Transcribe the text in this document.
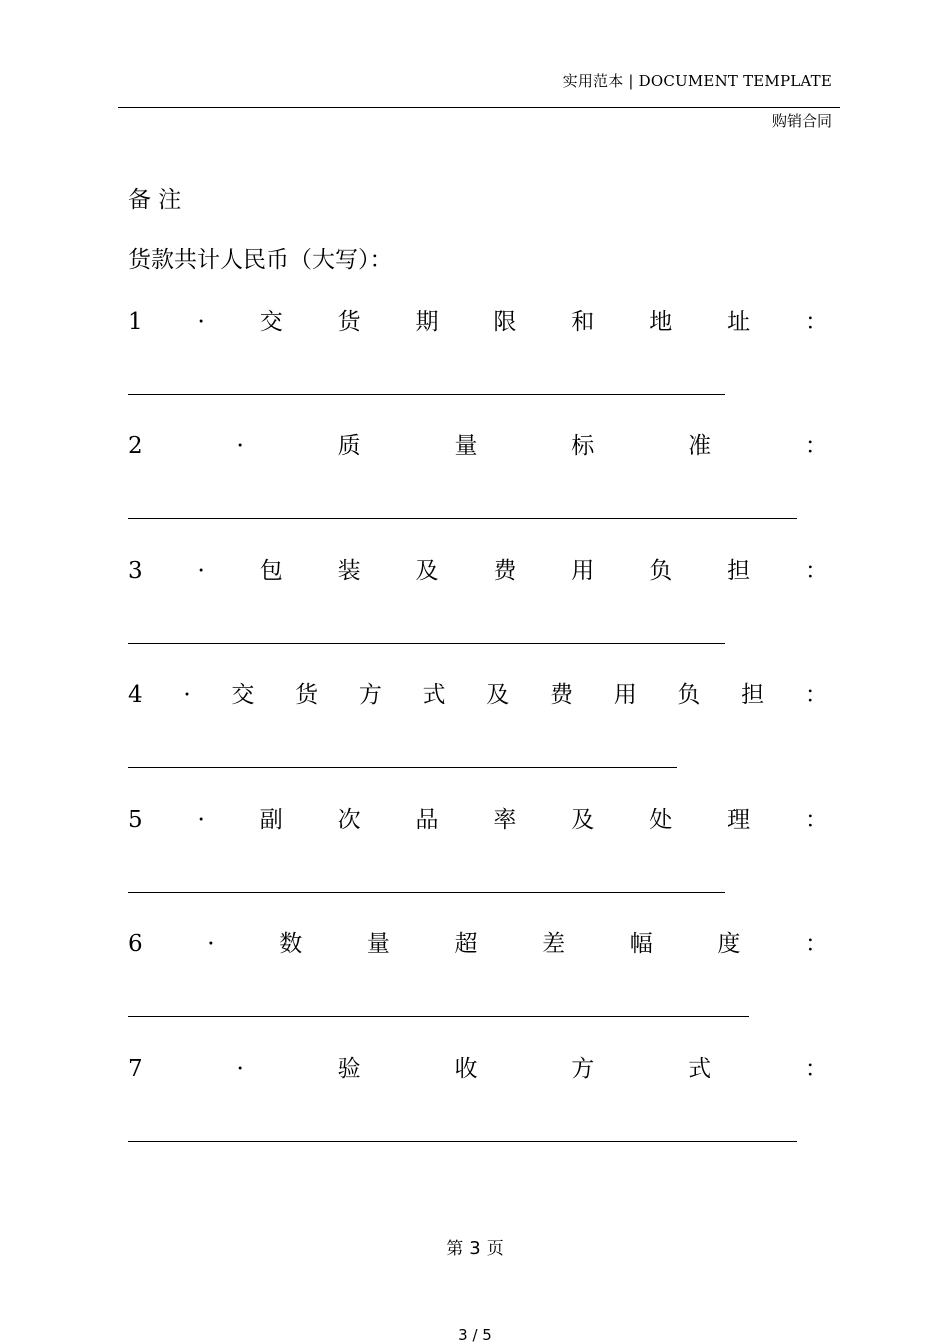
实用范本 | DOCUMENT TEMPLATE
购销合同
备 注
货款共计人民币（大写）：
1 · 交 货 期 限 和 地 址 ：
2	·	质	量	标	准	：
3 · 包 装 及 费 用 负 担 ：
4 · 交 货 方 式 及 费 用 负 担 ：
5 · 副 次 品 率 及 处 理 ：
6	·	数	量	超	差	幅	度	：
7	·	验	收	方	式	：
第 3 页
3 / 5
